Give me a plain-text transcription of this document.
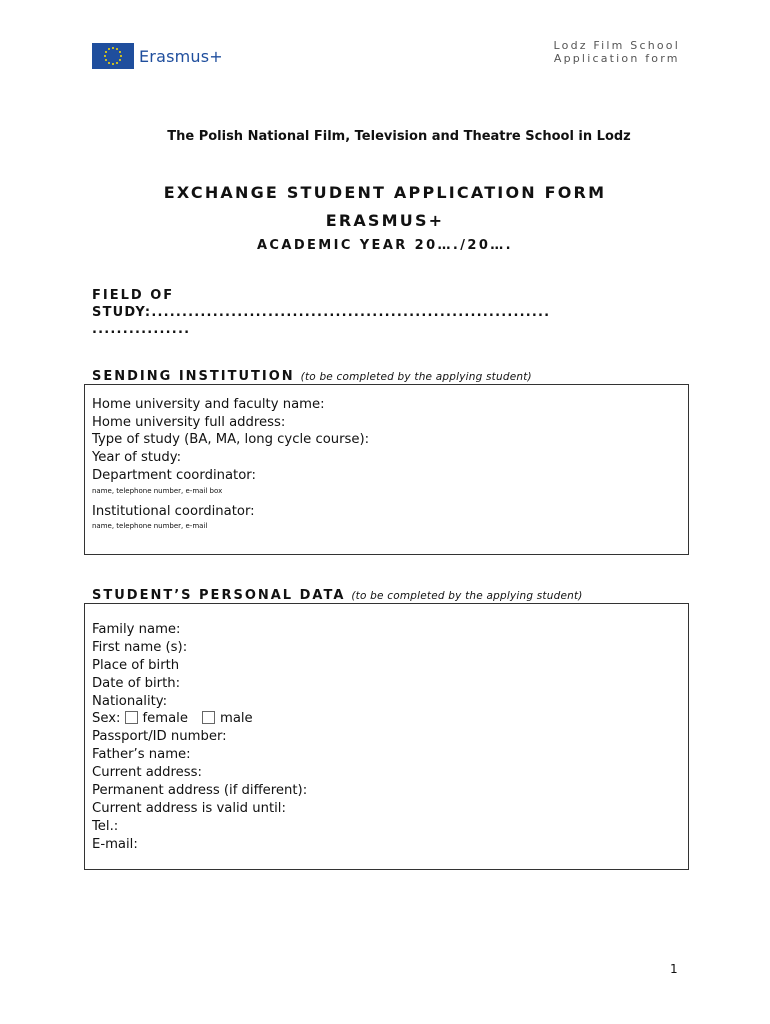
Erasmus+
Lodz Film School
Application form
The Polish National Film, Television and Theatre School in Lodz
EXCHANGE STUDENT APPLICATION FORM
ERASMUS+
ACADEMIC YEAR 20…./20….
FIELD OF
STUDY:.................................................................
................
SENDING INSTITUTION (to be completed by the applying student)
Home university and faculty name:
Home university full address:
Type of study (BA, MA, long cycle course):
Year of study:
Department coordinator:
name, telephone number, e-mail box
Institutional coordinator:
name, telephone number, e-mail
STUDENT’S PERSONAL DATA (to be completed by the applying student)
Family name:
First name (s):
Place of birth
Date of birth:
Nationality:
Sex: female male
Passport/ID number:
Father’s name:
Current address:
Permanent address (if different):
Current address is valid until:
Tel.:
E-mail:
1
